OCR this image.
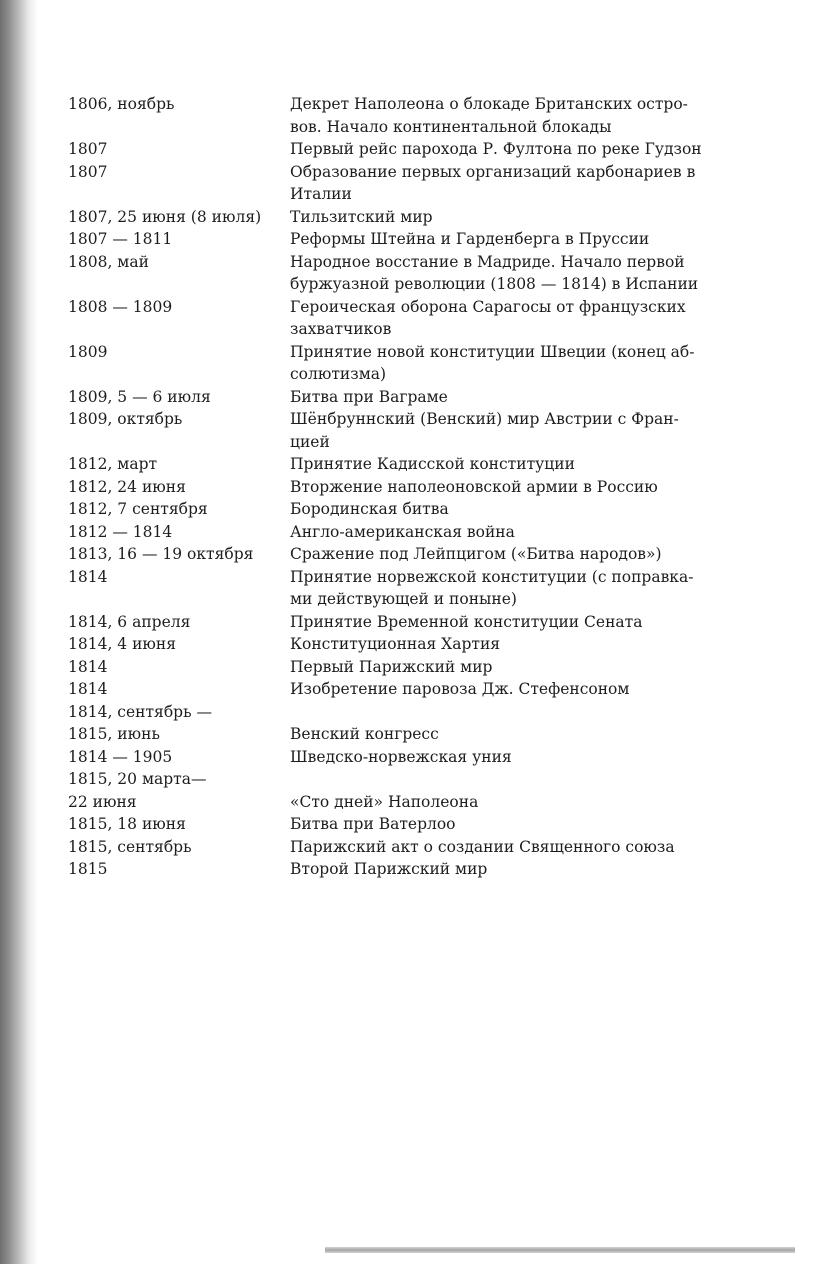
1806, ноябрь	Декрет Наполеона о блокаде Британских остро-
вов. Начало континентальной блокады
1807	Первый рейс парохода Р. Фултона по реке Гудзон
1807	Образование первых организаций карбонариев в
Италии
1807, 25 июня (8 июля)	Тильзитский мир
1807 — 1811	Реформы Штейна и Гарденберга в Пруссии
1808, май	Народное восстание в Мадриде. Начало первой
буржуазной революции (1808 — 1814) в Испании
1808 — 1809	Героическая оборона Сарагосы от французских
захватчиков
1809	Принятие новой конституции Швеции (конец аб-
солютизма)
1809, 5 — 6 июля	Битва при Ваграме
1809, октябрь	Шёнбруннский (Венский) мир Австрии с Фран-
цией
1812, март	Принятие Кадисской конституции
1812, 24 июня	Вторжение наполеоновской армии в Россию
1812, 7 сентября	Бородинская битва
1812 — 1814	Англо-американская война
1813, 16 — 19 октября	Сражение под Лейпцигом («Битва народов»)
1814	Принятие норвежской конституции (с поправка-
ми действующей и поныне)
1814, 6 апреля	Принятие Временной конституции Сената
1814, 4 июня	Конституционная Хартия
1814	Первый Парижский мир
1814	Изобретение паровоза Дж. Стефенсоном
1814, сентябрь —
1815, июнь	Венский конгресс
1814 — 1905	Шведско-норвежская уния
1815, 20 марта—
22 июня	«Сто дней» Наполеона
1815, 18 июня	Битва при Ватерлоо
1815, сентябрь	Парижский акт о создании Священного союза
1815	Второй Парижский мир
